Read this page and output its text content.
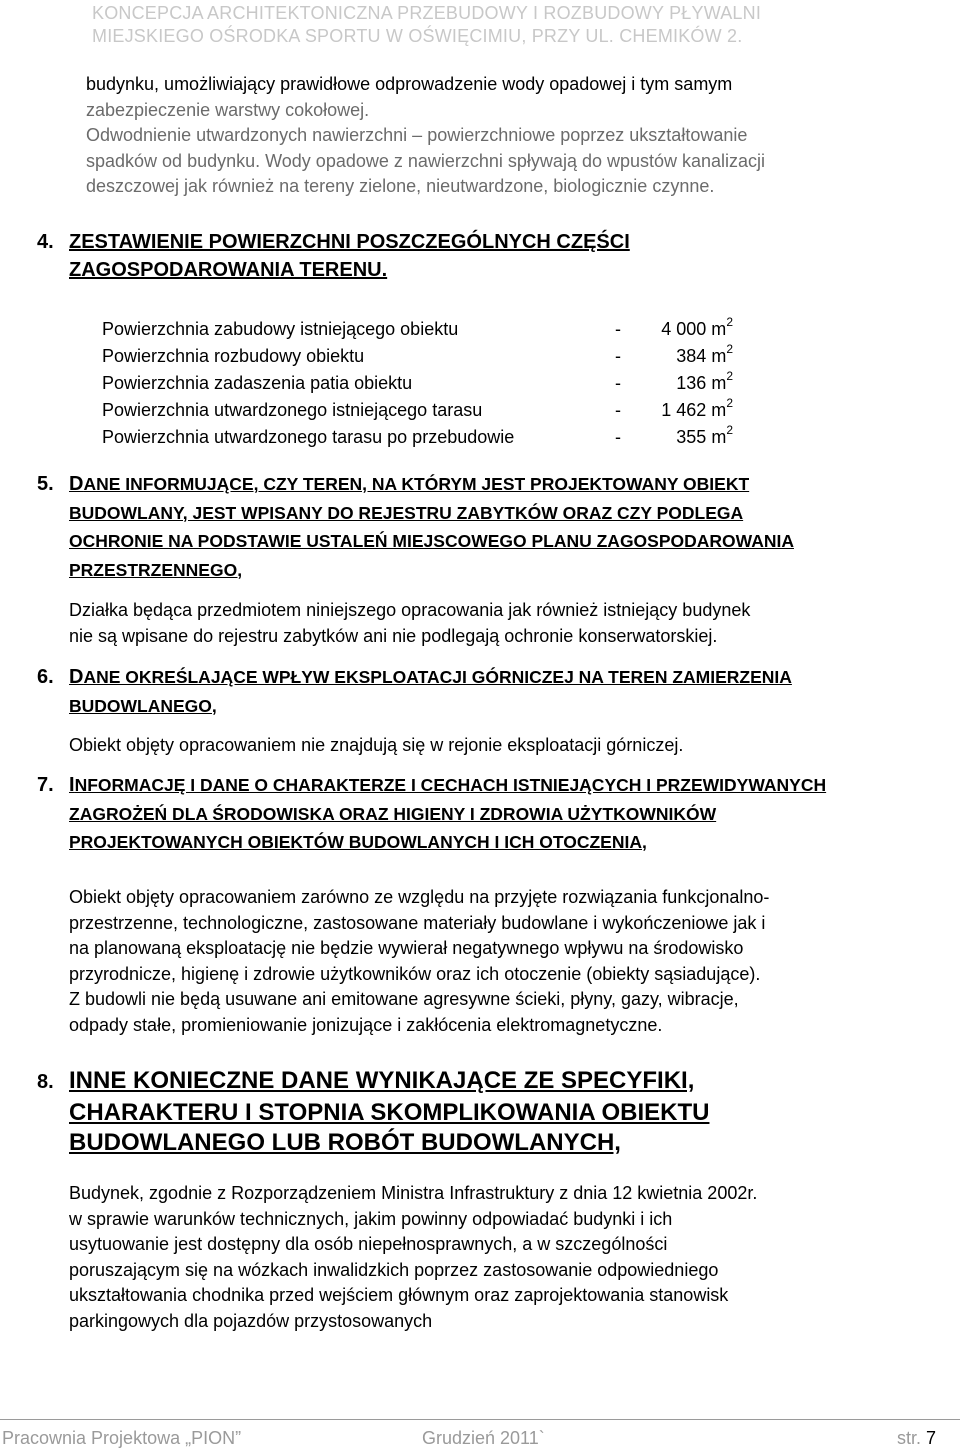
KONCEPCJA ARCHITEKTONICZNA PRZEBUDOWY I ROZBUDOWY PŁYWALNI
MIEJSKIEGO OŚRODKA SPORTU W OŚWIĘCIMIU, PRZY UL. CHEMIKÓW 2.
budynku, umożliwiający prawidłowe odprowadzenie wody opadowej i tym samym
zabezpieczenie warstwy cokołowej.
Odwodnienie utwardzonych nawierzchni – powierzchniowe poprzez ukształtowanie
spadków od budynku. Wody opadowe z nawierzchni spływają do wpustów kanalizacji
deszczowej jak również na tereny zielone, nieutwardzone, biologicznie czynne.
4. ZESTAWIENIE POWIERZCHNI POSZCZEGÓLNYCH CZĘŚCI
ZAGOSPODAROWANIA TERENU.
Powierzchnia zabudowy istniejącego obiektu	-	4 000 $m^2$
Powierzchnia rozbudowy obiektu	-	384 $m^2$
Powierzchnia zadaszenia patia obiektu	-	136 $m^2$
Powierzchnia utwardzonego istniejącego tarasu	-	1 462 $m^2$
Powierzchnia utwardzonego tarasu po przebudowie	-	355 $m^2$
5. DANE INFORMUJĄCE, CZY TEREN, NA KTÓRYM JEST PROJEKTOWANY OBIEKT
BUDOWLANY, JEST WPISANY DO REJESTRU ZABYTKÓW ORAZ CZY PODLEGA
OCHRONIE NA PODSTAWIE USTALEŃ MIEJSCOWEGO PLANU ZAGOSPODAROWANIA
PRZESTRZENNEGO,
Działka będąca przedmiotem niniejszego opracowania jak również istniejący budynek
nie są wpisane do rejestru zabytków ani nie podlegają ochronie konserwatorskiej.
6. DANE OKREŚLAJĄCE WPŁYW EKSPLOATACJI GÓRNICZEJ NA TEREN ZAMIERZENIA
BUDOWLANEGO,
Obiekt objęty opracowaniem nie znajdują się w rejonie eksploatacji górniczej.
7. INFORMACJĘ I DANE O CHARAKTERZE I CECHACH ISTNIEJĄCYCH I PRZEWIDYWANYCH
ZAGROŻEŃ DLA ŚRODOWISKA ORAZ HIGIENY I ZDROWIA UŻYTKOWNIKÓW
PROJEKTOWANYCH OBIEKTÓW BUDOWLANYCH I ICH OTOCZENIA,
Obiekt objęty opracowaniem zarówno ze względu na przyjęte rozwiązania funkcjonalno-
przestrzenne, technologiczne, zastosowane materiały budowlane i wykończeniowe jak i
na planowaną eksploatację nie będzie wywierał negatywnego wpływu na środowisko
przyrodnicze, higienę i zdrowie użytkowników oraz ich otoczenie (obiekty sąsiadujące).
Z budowli nie będą usuwane ani emitowane agresywne ścieki, płyny, gazy, wibracje,
odpady stałe, promieniowanie jonizujące i zakłócenia elektromagnetyczne.
8. INNE KONIECZNE DANE WYNIKAJĄCE ZE SPECYFIKI,
CHARAKTERU I STOPNIA SKOMPLIKOWANIA OBIEKTU
BUDOWLANEGO LUB ROBÓT BUDOWLANYCH,
Budynek, zgodnie z Rozporządzeniem Ministra Infrastruktury z dnia 12 kwietnia 2002r.
w sprawie warunków technicznych, jakim powinny odpowiadać budynki i ich
usytuowanie jest dostępny dla osób niepełnosprawnych, a w szczególności
poruszającym się na wózkach inwalidzkich poprzez zastosowanie odpowiedniego
ukształtowania chodnika przed wejściem głównym oraz zaprojektowania stanowisk
parkingowych dla pojazdów przystosowanych
Pracownia Projektowa „PION”	Grudzień 2011`	str. 7
